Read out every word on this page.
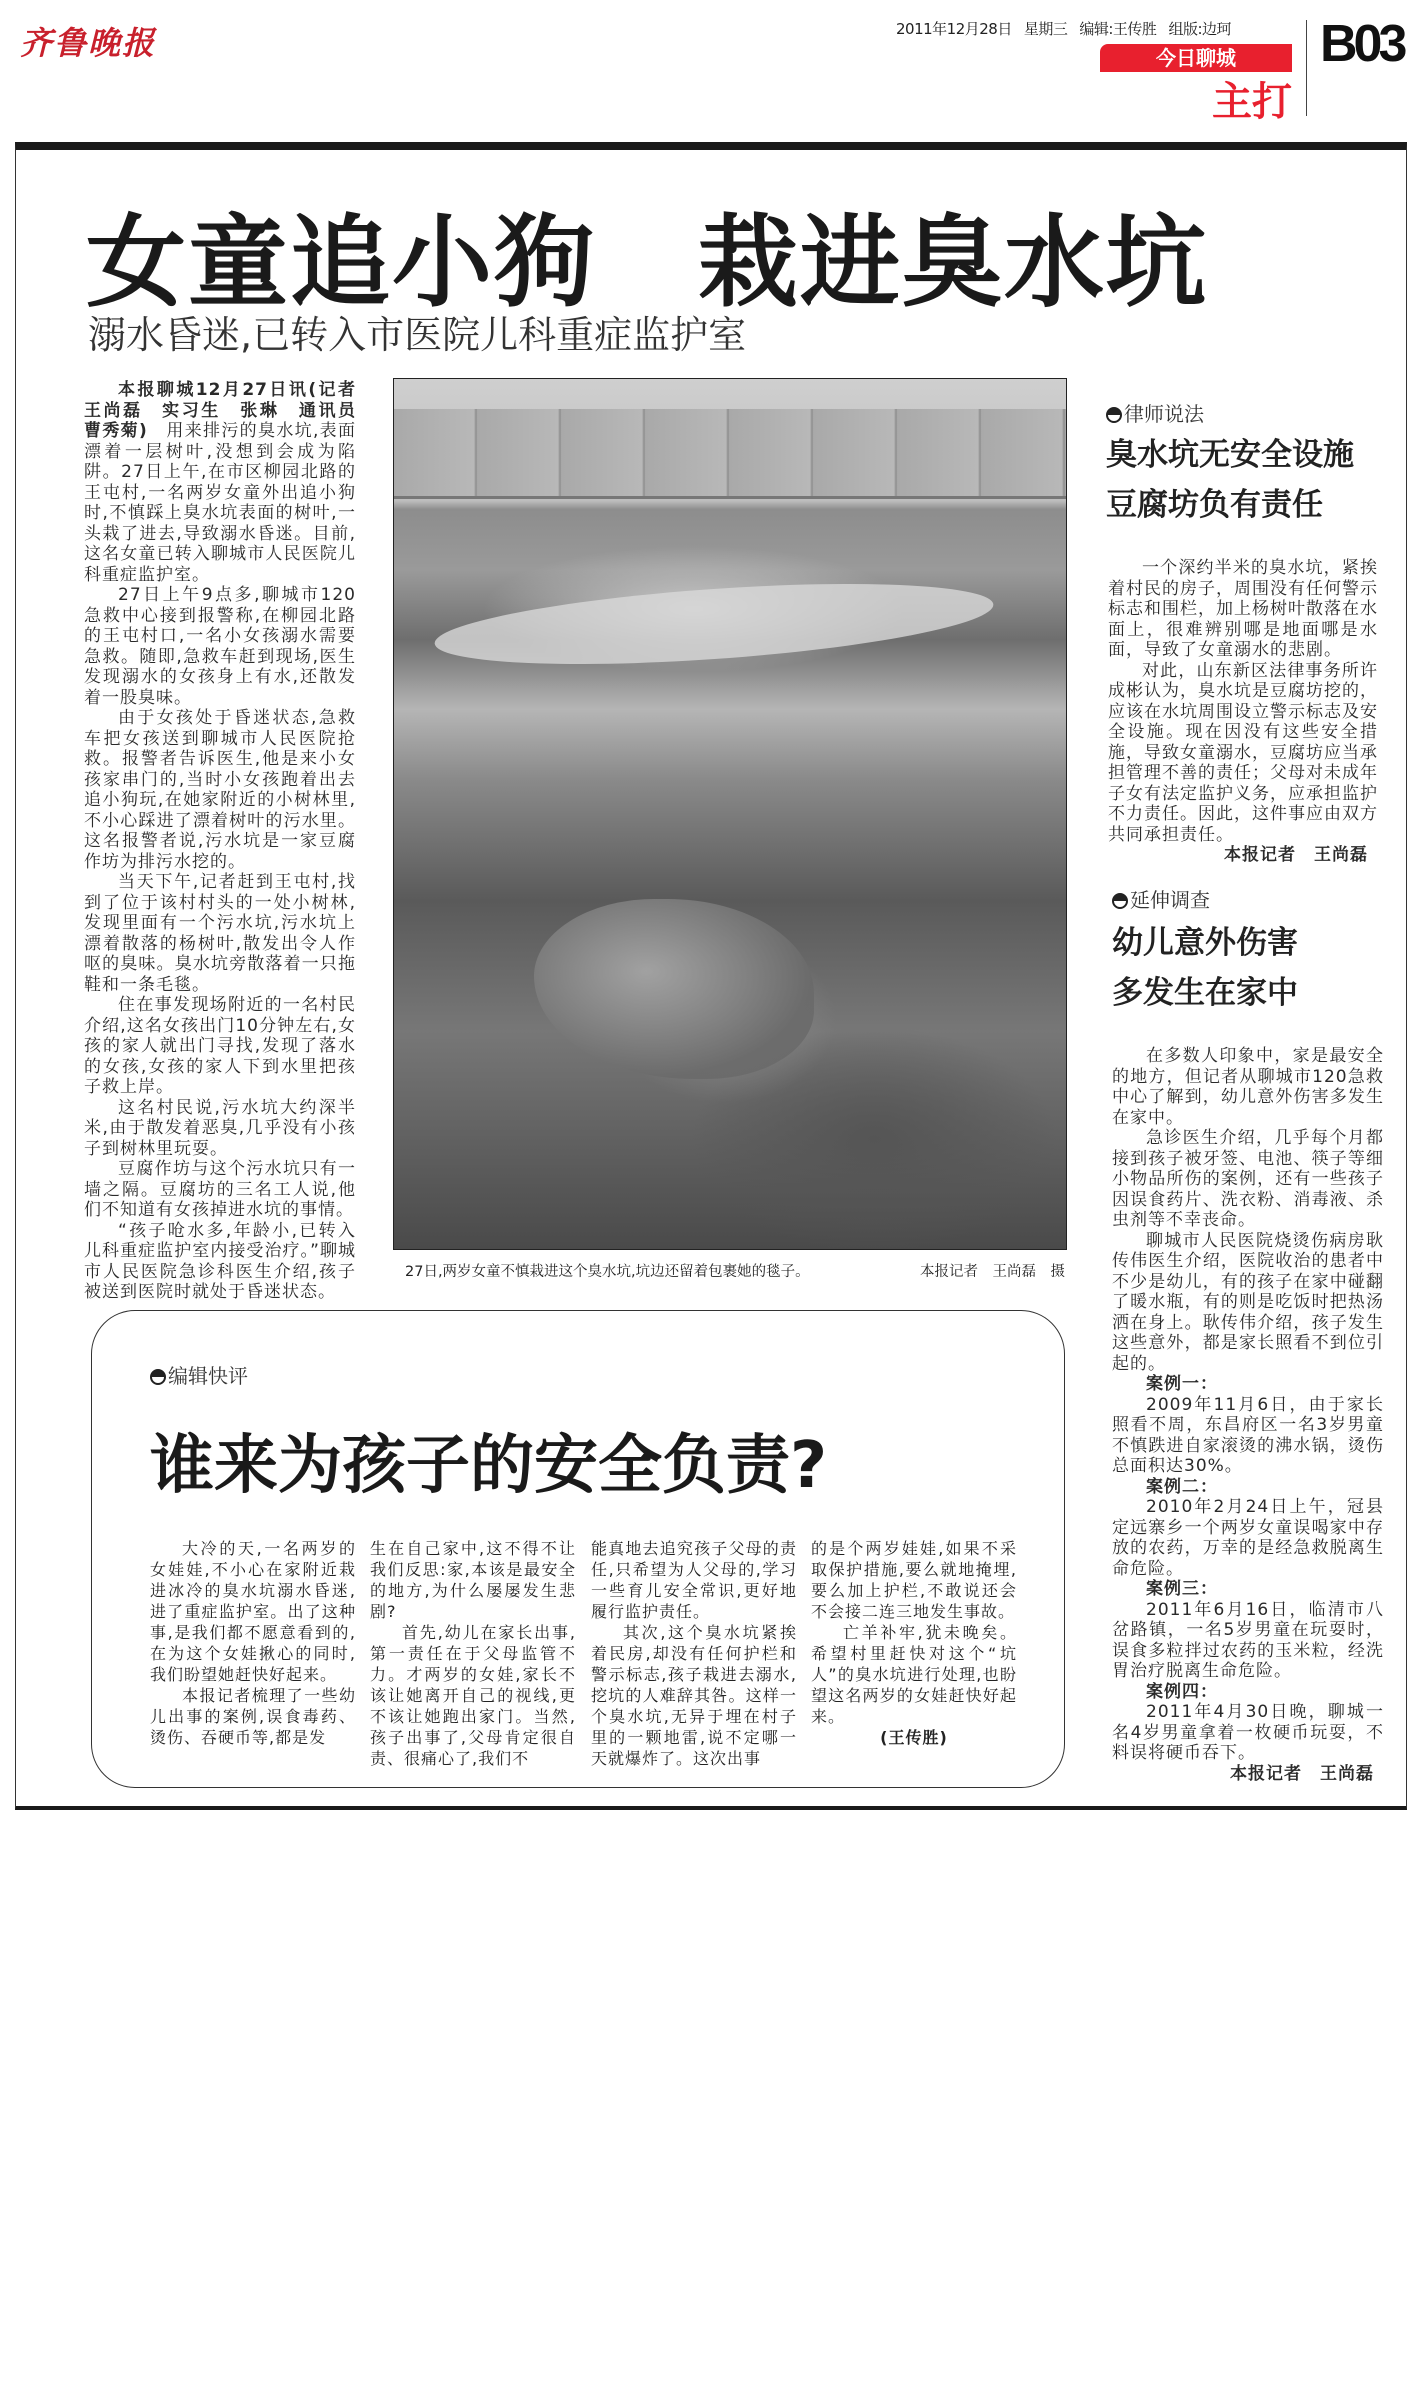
齐鲁晚报	2011年12月28日 星期三 编辑:王传胜 组版:边珂
今日聊城
主打
B03
女童追小狗　栽进臭水坑
溺水昏迷,已转入市医院儿科重症监护室

本报聊城12月27日讯(记者　王尚磊　实习生　张琳　通讯员　曹秀菊)　 用来排污的臭水坑,表面漂着一层树叶,没想到会成为陷阱。27日上午,在市区柳园北路的王屯村,一名两岁女童外出追小狗时,不慎踩上臭水坑表面的树叶,一头栽了进去,导致溺水昏迷。目前,这名女童已转入聊城市人民医院儿科重症监护室。

27日上午9点多,聊城市120急救中心接到报警称,在柳园北路的王屯村口,一名小女孩溺水需要急救。随即,急救车赶到现场,医生发现溺水的女孩身上有水,还散发着一股臭味。

由于女孩处于昏迷状态,急救车把女孩送到聊城市人民医院抢救。报警者告诉医生,他是来小女孩家串门的,当时小女孩跑着出去追小狗玩,在她家附近的小树林里,不小心踩进了漂着树叶的污水里。这名报警者说,污水坑是一家豆腐作坊为排污水挖的。

当天下午,记者赶到王屯村,找到了位于该村村头的一处小树林,发现里面有一个污水坑,污水坑上漂着散落的杨树叶,散发出令人作呕的臭味。臭水坑旁散落着一只拖鞋和一条毛毯。

住在事发现场附近的一名村民介绍,这名女孩出门10分钟左右,女孩的家人就出门寻找,发现了落水的女孩,女孩的家人下到水里把孩子救上岸。

这名村民说,污水坑大约深半米,由于散发着恶臭,几乎没有小孩子到树林里玩耍。

豆腐作坊与这个污水坑只有一墙之隔。豆腐坊的三名工人说,他们不知道有女孩掉进水坑的事情。

“孩子呛水多,年龄小,已转入儿科重症监护室内接受治疗。”聊城市人民医院急诊科医生介绍,孩子被送到医院时就处于昏迷状态。

27日,两岁女童不慎栽进这个臭水坑,坑边还留着包裹她的毯子。	本报记者　王尚磊　摄
律师说法
臭水坑无安全设施
豆腐坊负有责任

一个深约半米的臭水坑，紧挨着村民的房子，周围没有任何警示标志和围栏，加上杨树叶散落在水面上，很难辨别哪是地面哪是水面，导致了女童溺水的悲剧。

对此，山东新区法律事务所许成彬认为，臭水坑是豆腐坊挖的，应该在水坑周围设立警示标志及安全设施。现在因没有这些安全措施，导致女童溺水，豆腐坊应当承担管理不善的责任；父母对未成年子女有法定监护义务，应承担监护不力责任。因此，这件事应由双方共同承担责任。

本报记者　王尚磊

延伸调查
幼儿意外伤害
多发生在家中

在多数人印象中，家是最安全的地方，但记者从聊城市120急救中心了解到，幼儿意外伤害多发生在家中。

急诊医生介绍，几乎每个月都接到孩子被牙签、电池、筷子等细小物品所伤的案例，还有一些孩子因误食药片、洗衣粉、消毒液、杀虫剂等不幸丧命。

聊城市人民医院烧烫伤病房耿传伟医生介绍，医院收治的患者中不少是幼儿，有的孩子在家中碰翻了暖水瓶，有的则是吃饭时把热汤洒在身上。耿传伟介绍，孩子发生这些意外，都是家长照看不到位引起的。

案例一：

2009年11月6日，由于家长照看不周，东昌府区一名3岁男童不慎跌进自家滚烫的沸水锅，烫伤总面积达30%。

案例二：

2010年2月24日上午，冠县定远寨乡一个两岁女童误喝家中存放的农药，万幸的是经急救脱离生命危险。

案例三：

2011年6月16日，临清市八岔路镇，一名5岁男童在玩耍时，误食多粒拌过农药的玉米粒，经洗胃治疗脱离生命危险。

案例四：

2011年4月30日晚，聊城一名4岁男童拿着一枚硬币玩耍，不料误将硬币吞下。

本报记者　王尚磊

编辑快评
谁来为孩子的安全负责?

大冷的天,一名两岁的女娃娃,不小心在家附近栽进冰冷的臭水坑溺水昏迷,进了重症监护室。出了这种事,是我们都不愿意看到的,在为这个女娃揪心的同时,我们盼望她赶快好起来。

本报记者梳理了一些幼儿出事的案例,误食毒药、烫伤、吞硬币等,都是发

生在自己家中,这不得不让我们反思:家,本该是最安全的地方,为什么屡屡发生悲剧?

首先,幼儿在家长出事,第一责任在于父母监管不力。才两岁的女娃,家长不该让她离开自己的视线,更不该让她跑出家门。当然,孩子出事了,父母肯定很自责、很痛心了,我们不

能真地去追究孩子父母的责任,只希望为人父母的,学习一些育儿安全常识,更好地履行监护责任。

其次,这个臭水坑紧挨着民房,却没有任何护栏和警示标志,孩子栽进去溺水,挖坑的人难辞其咎。这样一个臭水坑,无异于埋在村子里的一颗地雷,说不定哪一天就爆炸了。这次出事

的是个两岁娃娃,如果不采取保护措施,要么就地掩埋,要么加上护栏,不敢说还会不会接二连三地发生事故。

亡羊补牢,犹未晚矣。希望村里赶快对这个“坑人”的臭水坑进行处理,也盼望这名两岁的女娃赶快好起来。

(王传胜)
